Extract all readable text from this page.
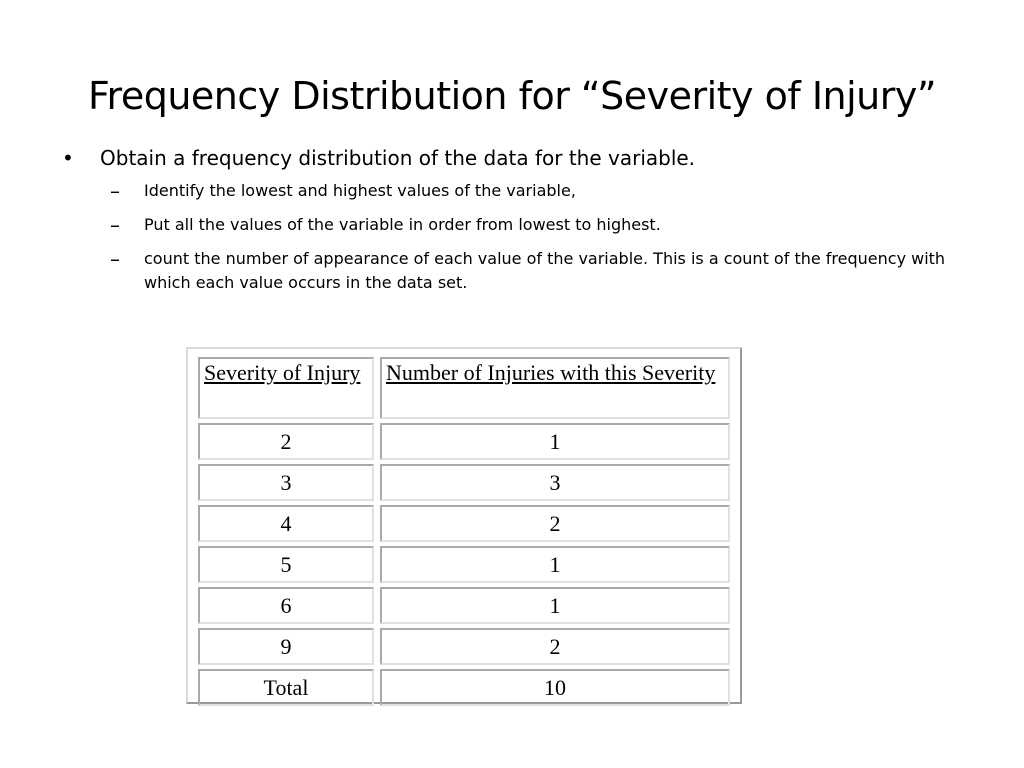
Frequency Distribution for “Severity of Injury”
• Obtain a frequency distribution of the data for the variable.
– Identify the lowest and highest values of the variable,
– Put all the values of the variable in order from lowest to highest.
– count the number of appearance of each value of the variable. This is a count of the frequency with which each value occurs in the data set.
Severity of Injury	Number of Injuries with this Severity
2	1
3	3
4	2
5	1
6	1
9	2
Total	10
